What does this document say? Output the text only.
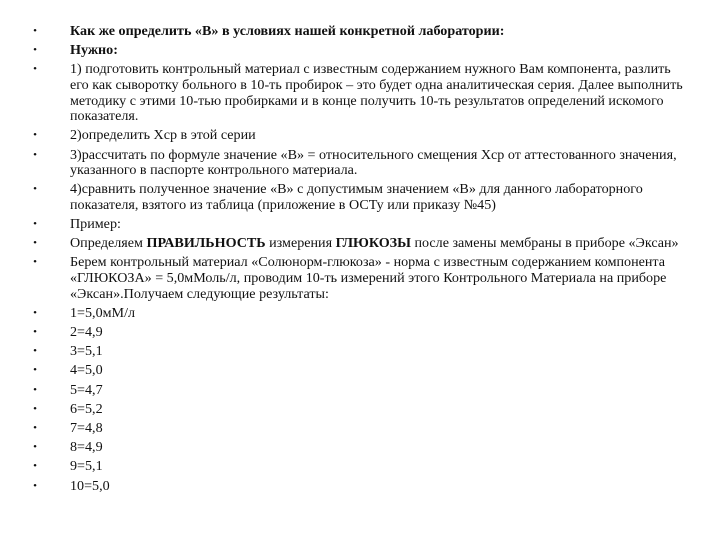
• Как же определить «В» в условиях нашей конкретной лаборатории:
• Нужно:
• 1) подготовить контрольный материал с известным содержанием нужного Вам компонента, разлить его как сыворотку больного в 10-ть пробирок – это будет одна аналитическая серия. Далее выполнить методику с этими 10-тью пробирками и в конце получить 10-ть результатов определений искомого показателя.
• 2)определить Хср в этой серии
• 3)рассчитать по формуле значение «В» = относительного смещения Хср от аттестованного значения, указанного в паспорте контрольного материала.
• 4)сравнить полученное значение «В» с допустимым значением «В» для данного лабораторного показателя, взятого из таблица (приложение в ОСТу или приказу №45)
• Пример:
• Определяем ПРАВИЛЬНОСТЬ измерения ГЛЮКОЗЫ после замены мембраны в приборе «Эксан»
• Берем контрольный материал «Солюнорм-глюкоза» - норма с известным содержанием компонента «ГЛЮКОЗА» = 5,0мМоль/л, проводим 10-ть измерений этого Контрольного Материала на приборе «Эксан».Получаем следующие результаты:
• 1=5,0мМ/л
• 2=4,9
• 3=5,1
• 4=5,0
• 5=4,7
• 6=5,2
• 7=4,8
• 8=4,9
• 9=5,1
• 10=5,0
